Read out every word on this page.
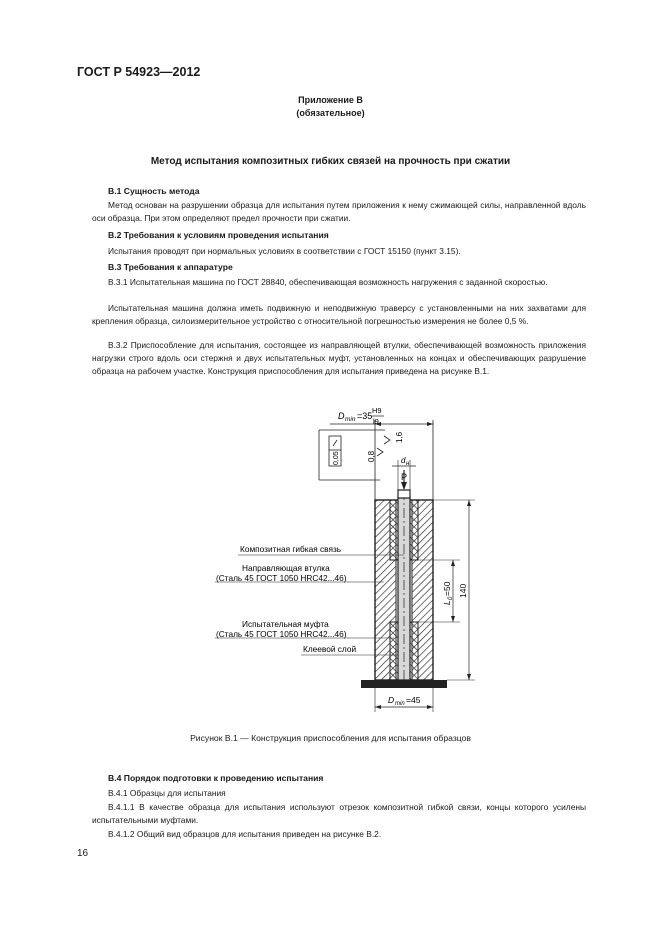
ГОСТ Р 54923—2012
Приложение В
(обязательное)
Метод испытания композитных гибких связей на прочность при сжатии
В.1 Сущность метода
Метод основан на разрушении образца для испытания путем приложения к нему сжимающей силы, направленной вдоль оси образца. При этом определяют предел прочности при сжатии.
В.2 Требования к условиям проведения испытания
Испытания проводят при нормальных условиях в соответствии с ГОСТ 15150 (пункт 3.15).
В.3 Требования к аппаратуре
В.3.1 Испытательная машина по ГОСТ 28840, обеспечивающая возможность нагружения с заданной скоростью.
Испытательная машина должна иметь подвижную и неподвижную траверсу с установленными на них захватами для крепления образца, силоизмерительное устройство с относительной погрешностью измерения не более 0,5 %.
В.3.2 Приспособление для испытания, состоящее из направляющей втулки, обеспечивающей возможность приложения нагрузки строго вдоль оси стержня и двух испытательных муфт, установленных на концах и обеспечивающих разрушение образца на рабочем участке. Конструкция приспособления для испытания приведена на рисунке В.1.
P
D min =35
H9
l9
0,05	0,8
1,6
d н
L
0
=50 140
D min =45
Композитная гибкая связь
Направляющая втулка
(Сталь 45 ГОСТ 1050 HRC42...46)
Испытательная муфта
(Сталь 45 ГОСТ 1050 HRC42...46)
Клеевой слой
Рисунок В.1 — Конструкция приспособления для испытания образцов
В.4 Порядок подготовки к проведению испытания
В.4.1 Образцы для испытания
В.4.1.1 В качестве образца для испытания используют отрезок композитной гибкой связи, концы которого усилены испытательными муфтами.
В.4.1.2 Общий вид образцов для испытания приведен на рисунке В.2.
16
